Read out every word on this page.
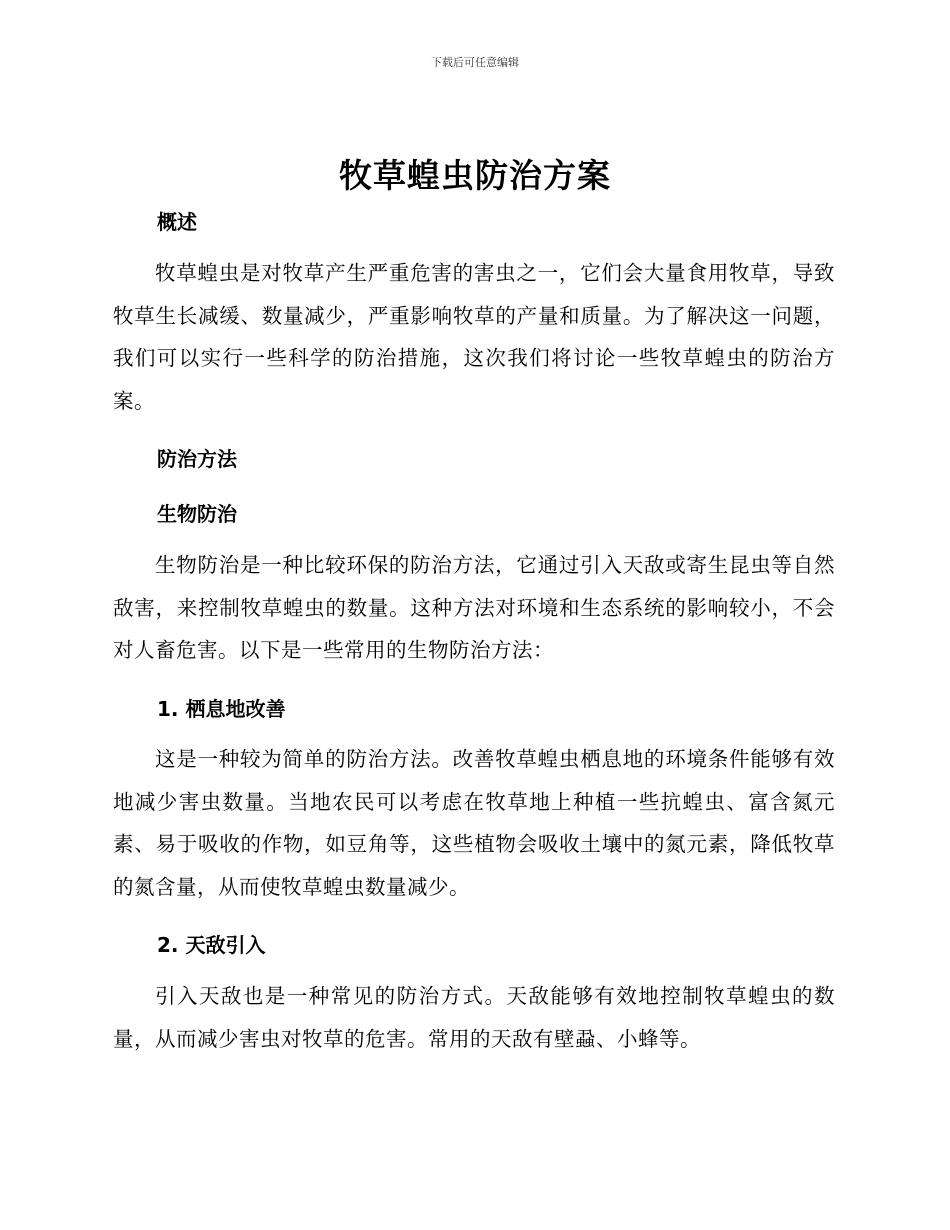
下载后可任意编辑
牧草蝗虫防治方案
概述
牧草蝗虫是对牧草产生严重危害的害虫之一，它们会大量食用牧草，导致牧草生长减缓、数量减少，严重影响牧草的产量和质量。为了解决这一问题，我们可以实行一些科学的防治措施，这次我们将讨论一些牧草蝗虫的防治方案。
防治方法
生物防治
生物防治是一种比较环保的防治方法，它通过引入天敌或寄生昆虫等自然敌害，来控制牧草蝗虫的数量。这种方法对环境和生态系统的影响较小，不会对人畜危害。以下是一些常用的生物防治方法：
1. 栖息地改善
这是一种较为简单的防治方法。改善牧草蝗虫栖息地的环境条件能够有效地减少害虫数量。当地农民可以考虑在牧草地上种植一些抗蝗虫、富含氮元素、易于吸收的作物，如豆角等，这些植物会吸收土壤中的氮元素，降低牧草的氮含量，从而使牧草蝗虫数量减少。
2. 天敌引入
引入天敌也是一种常见的防治方式。天敌能够有效地控制牧草蝗虫的数量，从而减少害虫对牧草的危害。常用的天敌有壁蝨、小蜂等。
